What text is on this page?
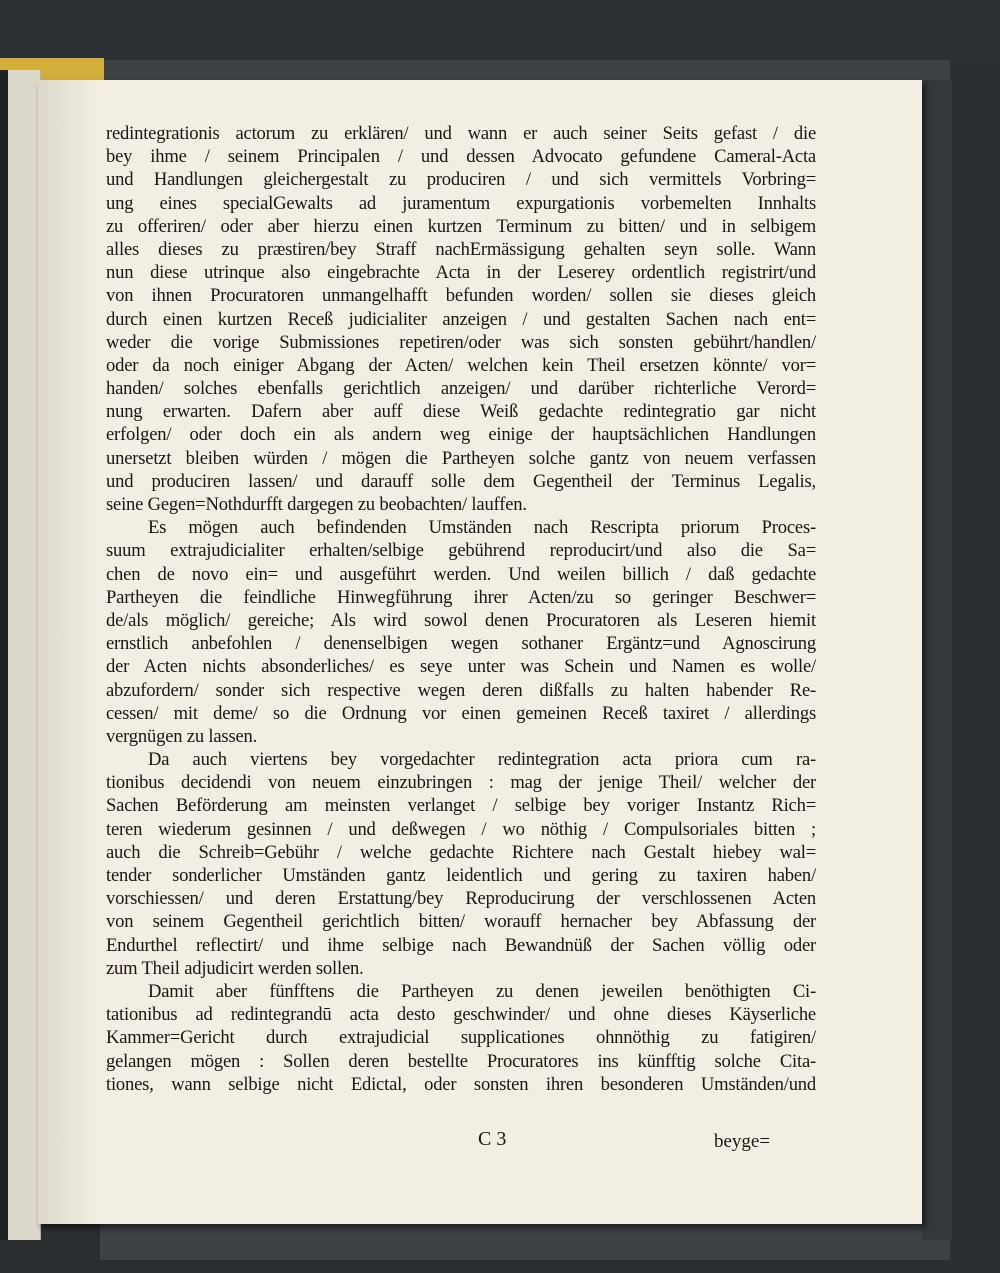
redintegrationis actorum zu erklären/ und wann er auch seiner Seits gefast / die
bey ihme / seinem Principalen / und dessen Advocato gefundene Cameral-Acta
und Handlungen gleichergestalt zu produciren / und sich vermittels Vorbring=
ung eines specialGewalts ad juramentum expurgationis vorbemelten Innhalts
zu offeriren/ oder aber hierzu einen kurtzen Terminum zu bitten/ und in selbigem
alles dieses zu præstiren/bey Straff nachErmässigung gehalten seyn solle. Wann
nun diese utrinque also eingebrachte Acta in der Leserey ordentlich registrirt/und
von ihnen Procuratoren unmangelhafft befunden worden/ sollen sie dieses gleich
durch einen kurtzen Receß judicialiter anzeigen / und gestalten Sachen nach ent=
weder die vorige Submissiones repetiren/oder was sich sonsten gebührt/handlen/
oder da noch einiger Abgang der Acten/ welchen kein Theil ersetzen könnte/ vor=
handen/ solches ebenfalls gerichtlich anzeigen/ und darüber richterliche Verord=
nung erwarten. Dafern aber auff diese Weiß gedachte redintegratio gar nicht
erfolgen/ oder doch ein als andern weg einige der hauptsächlichen Handlungen
unersetzt bleiben würden / mögen die Partheyen solche gantz von neuem verfassen
und produciren lassen/ und darauff solle dem Gegentheil der Terminus Legalis,
seine Gegen=Nothdurfft dargegen zu beobachten/ lauffen.
Es mögen auch befindenden Umständen nach Rescripta priorum Proces-
suum extrajudicialiter erhalten/selbige gebührend reproducirt/und also die Sa=
chen de novo ein= und ausgeführt werden. Und weilen billich / daß gedachte
Partheyen die feindliche Hinwegführung ihrer Acten/zu so geringer Beschwer=
de/als möglich/ gereiche; Als wird sowol denen Procuratoren als Leseren hiemit
ernstlich anbefohlen / denenselbigen wegen sothaner Ergäntz=und Agnoscirung
der Acten nichts absonderliches/ es seye unter was Schein und Namen es wolle/
abzufordern/ sonder sich respective wegen deren dißfalls zu halten habender Re-
cessen/ mit deme/ so die Ordnung vor einen gemeinen Receß taxiret / allerdings
vergnügen zu lassen.
Da auch viertens bey vorgedachter redintegration acta priora cum ra-
tionibus decidendi von neuem einzubringen : mag der jenige Theil/ welcher der
Sachen Beförderung am meinsten verlanget / selbige bey voriger Instantz Rich=
teren wiederum gesinnen / und deßwegen / wo nöthig / Compulsoriales bitten ;
auch die Schreib=Gebühr / welche gedachte Richtere nach Gestalt hiebey wal=
tender sonderlicher Umständen gantz leidentlich und gering zu taxiren haben/
vorschiessen/ und deren Erstattung/bey Reproducirung der verschlossenen Acten
von seinem Gegentheil gerichtlich bitten/ worauff hernacher bey Abfassung der
Endurthel reflectirt/ und ihme selbige nach Bewandnüß der Sachen völlig oder
zum Theil adjudicirt werden sollen.
Damit aber fünfftens die Partheyen zu denen jeweilen benöthigten Ci-
tationibus ad redintegrandū acta desto geschwinder/ und ohne dieses Käyserliche
Kammer=Gericht durch extrajudicial supplicationes ohnnöthig zu fatigiren/
gelangen mögen : Sollen deren bestellte Procuratores ins künfftig solche Cita-
tiones, wann selbige nicht Edictal, oder sonsten ihren besonderen Umständen/und
C 3	beyge=
